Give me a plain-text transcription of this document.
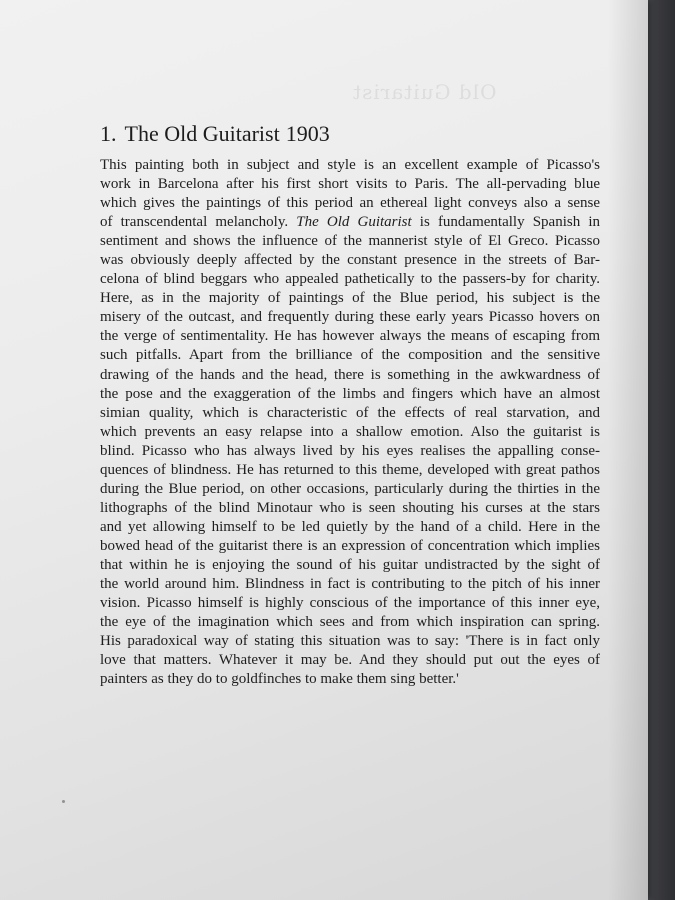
Old Guitarist
1. The Old Guitarist 1903
This painting both in subject and style is an excellent example of Picasso's
work in Barcelona after his first short visits to Paris. The all-pervading blue
which gives the paintings of this period an ethereal light conveys also a sense
of transcendental melancholy. The Old Guitarist is fundamentally Spanish in
sentiment and shows the influence of the mannerist style of El Greco. Picasso
was obviously deeply affected by the constant presence in the streets of Bar-
celona of blind beggars who appealed pathetically to the passers-by for charity.
Here, as in the majority of paintings of the Blue period, his subject is the
misery of the outcast, and frequently during these early years Picasso hovers on
the verge of sentimentality. He has however always the means of escaping from
such pitfalls. Apart from the brilliance of the composition and the sensitive
drawing of the hands and the head, there is something in the awkwardness of
the pose and the exaggeration of the limbs and fingers which have an almost
simian quality, which is characteristic of the effects of real starvation, and
which prevents an easy relapse into a shallow emotion. Also the guitarist is
blind. Picasso who has always lived by his eyes realises the appalling conse-
quences of blindness. He has returned to this theme, developed with great pathos
during the Blue period, on other occasions, particularly during the thirties in the
lithographs of the blind Minotaur who is seen shouting his curses at the stars
and yet allowing himself to be led quietly by the hand of a child. Here in the
bowed head of the guitarist there is an expression of concentration which implies
that within he is enjoying the sound of his guitar undistracted by the sight of
the world around him. Blindness in fact is contributing to the pitch of his inner
vision. Picasso himself is highly conscious of the importance of this inner eye,
the eye of the imagination which sees and from which inspiration can spring.
His paradoxical way of stating this situation was to say: 'There is in fact only
love that matters. Whatever it may be. And they should put out the eyes of
painters as they do to goldfinches to make them sing better.'
